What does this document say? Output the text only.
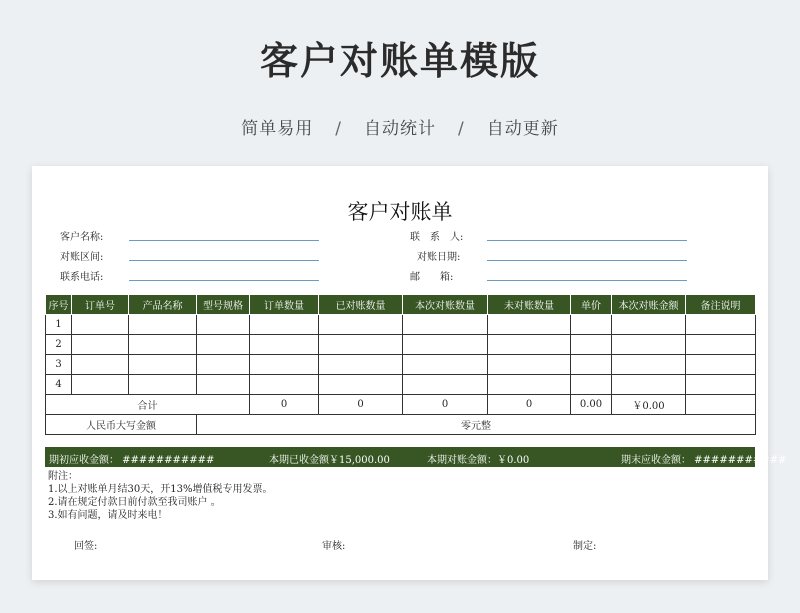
客户对账单模版
简单易用 / 自动统计 / 自动更新
客户对账单
客户名称:
对账区间:
联系电话:
联　系　人:
对账日期:
邮　　箱:
序号	订单号	产品名称	型号规格	订单数量	已对账数量	本次对账数量	未对账数量	单价	本次对账金额	备注说明
1										
2										
3										
4										
合计				0	0	0	0	0.00	￥0.00	
人民币大写金额			零元整							
期初应收金额： ###########	本期已收金额￥15,000.00	本期对账金额：￥0.00	期末应收金额： ###########
附注：
1.以上对账单月结30天，开13%增值税专用发票。
2.请在规定付款日前付款至我司账户 。
3.如有问题，请及时来电！
回签:	审核:	制定:
